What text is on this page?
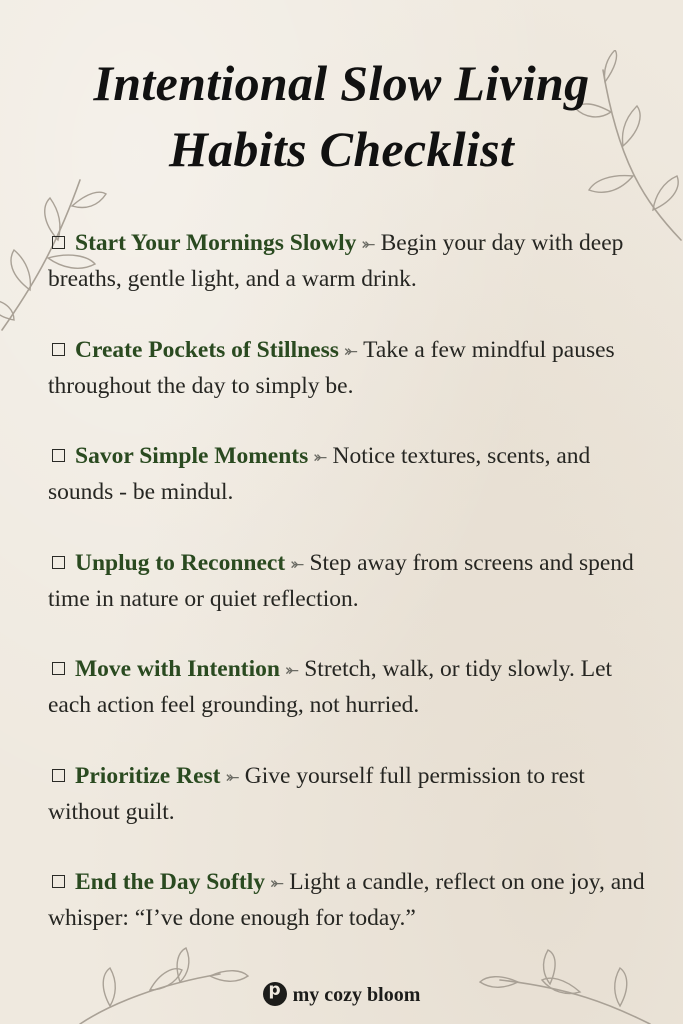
Intentional Slow Living
Habits Checklist
Start Your Mornings Slowly ⤜ Begin your day with deep breaths, gentle light, and a warm drink.
Create Pockets of Stillness ⤜ Take a few mindful pauses throughout the day to simply be.
Savor Simple Moments ⤜ Notice textures, scents, and sounds - be mindul.
Unplug to Reconnect ⤜ Step away from screens and spend time in nature or quiet reflection.
Move with Intention ⤜ Stretch, walk, or tidy slowly. Let each action feel grounding, not hurried.
Prioritize Rest ⤜ Give yourself full permission to rest without guilt.
End the Day Softly ⤜ Light a candle, reflect on one joy, and whisper: “I’ve done enough for today.”
pmy cozy bloom
